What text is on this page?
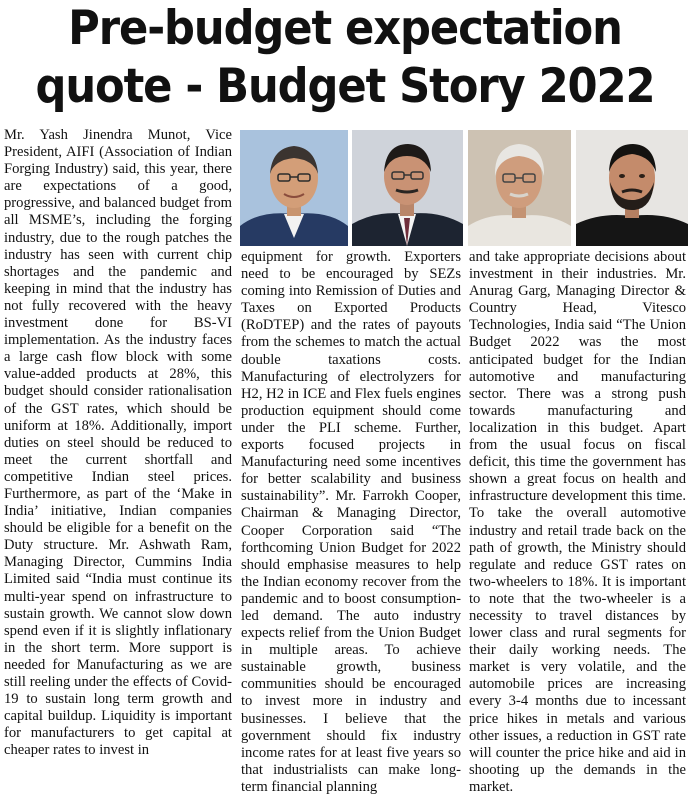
Pre-budget expectation
quote - Budget Story 2022

Mr. Yash Jinendra Munot, Vice President, AIFI (Association of Indian Forging Industry) said, this year, there are expectations of a good, progressive, and balanced budget from all MSME’s, including the forging industry, due to the rough patches the industry has seen with current chip shortages and the pandemic and keeping in mind that the industry has not fully recovered with the heavy investment done for BS-VI implementation. As the industry faces a large cash flow block with some value-added products at 28%, this budget should consider rationalisation of the GST rates, which should be uniform at 18%. Additionally, import duties on steel should be reduced to meet the current shortfall and competitive Indian steel prices. Furthermore, as part of the ‘Make in India’ initiative, Indian companies should be eligible for a benefit on the Duty structure. Mr. Ashwath Ram, Managing Director, Cummins India Limited said “India must continue its multi-year spend on infrastructure to sustain growth. We cannot slow down spend even if it is slightly inflationary in the short term. More support is needed for Manufacturing as we are still reeling under the effects of Covid-19 to sustain long term growth and capital buildup. Liquidity is important for manufacturers to get capital at cheaper rates to invest in

equipment for growth. Exporters need to be encouraged by SEZs coming into Remission of Duties and Taxes on Exported Products (RoDTEP) and the rates of payouts from the schemes to match the actual double taxations costs. Manufacturing of electrolyzers for H2, H2 in ICE and Flex fuels engines production equipment should come under the PLI scheme. Further, exports focused projects in Manufacturing need some incentives for better scalability and business sustainability”. Mr. Farrokh Cooper, Chairman & Managing Director, Cooper Corporation said “The forthcoming Union Budget for 2022 should emphasise measures to help the Indian economy recover from the pandemic and to boost consumption-led demand. The auto industry expects relief from the Union Budget in multiple areas. To achieve sustainable growth, business communities should be encouraged to invest more in industry and businesses. I believe that the government should fix industry income rates for at least five years so that industrialists can make long-term financial planning

and take appropriate decisions about investment in their industries. Mr. Anurag Garg, Managing Director & Country Head, Vitesco Technologies, India said “The Union Budget 2022 was the most anticipated budget for the Indian automotive and manufacturing sector. There was a strong push towards manufacturing and localization in this budget. Apart from the usual focus on fiscal deficit, this time the government has shown a great focus on health and infrastructure development this time. To take the overall automotive industry and retail trade back on the path of growth, the Ministry should regulate and reduce GST rates on two-wheelers to 18%. It is important to note that the two-wheeler is a necessity to travel distances by lower class and rural segments for their daily working needs. The market is very volatile, and the automobile prices are increasing every 3-4 months due to incessant price hikes in metals and various other issues, a reduction in GST rate will counter the price hike and aid in shooting up the demands in the market.
